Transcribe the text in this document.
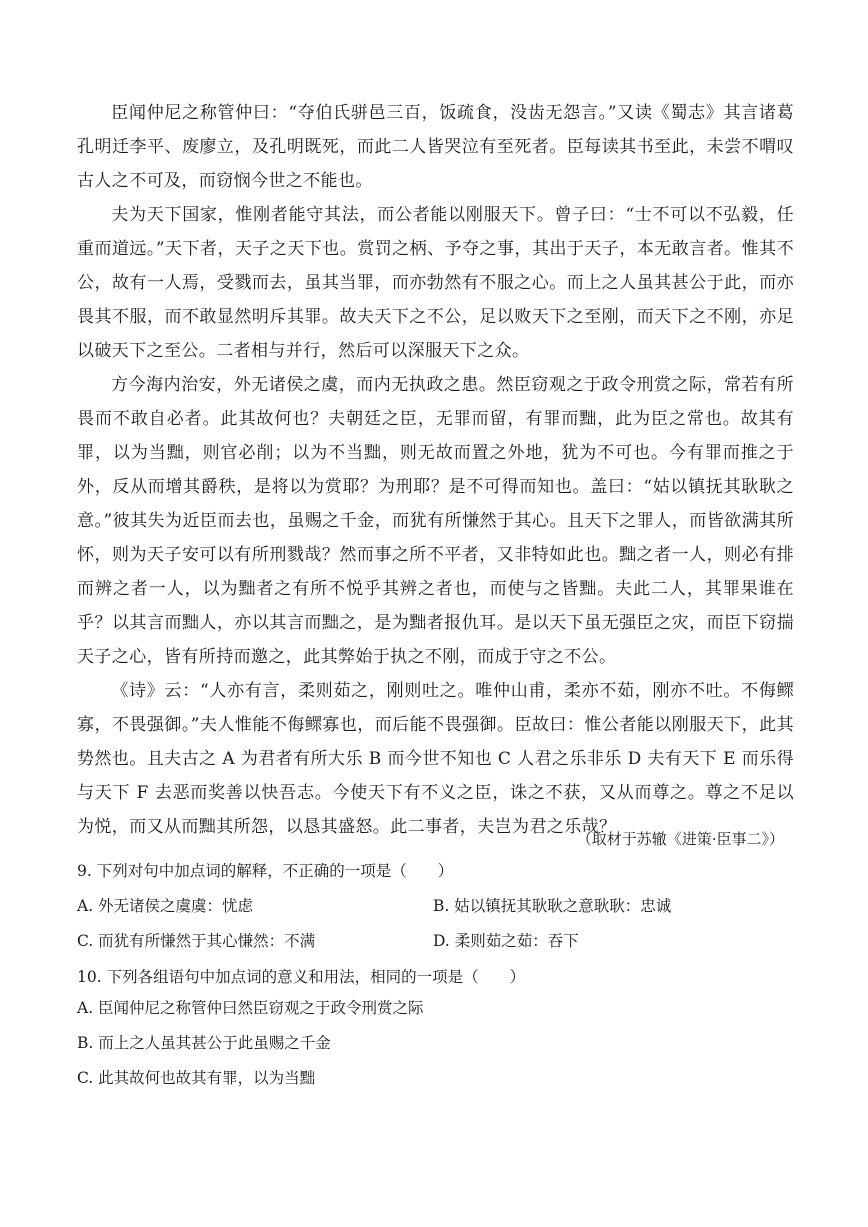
臣闻仲尼之称管仲曰：“夺伯氏骈邑三百，饭疏食，没齿无怨言。”又读《蜀志》其言诸葛孔明迁李平、废廖立，及孔明既死，而此二人皆哭泣有至死者。臣每读其书至此，未尝不喟叹古人之不可及，而窃悯今世之不能也。

夫为天下国家，惟刚者能守其法，而公者能以刚服天下。曾子曰：“士不可以不弘毅，任重而道远。”天下者，天子之天下也。赏罚之柄、予夺之事，其出于天子，本无敢言者。惟其不公，故有一人焉，受戮而去，虽其当罪，而亦勃然有不服之心。而上之人虽其甚公于此，而亦畏其不服，而不敢显然明斥其罪。故夫天下之不公，足以败天下之至刚，而天下之不刚，亦足以破天下之至公。二者相与并行，然后可以深服天下之众。

方今海内治安，外无诸侯之虞，而内无执政之患。然臣窃观之于政令刑赏之际，常若有所畏而不敢自必者。此其故何也？夫朝廷之臣，无罪而留，有罪而黜，此为臣之常也。故其有罪，以为当黜，则官必削；以为不当黜，则无故而置之外地，犹为不可也。今有罪而推之于外，反从而增其爵秩，是将以为赏耶？为刑耶？是不可得而知也。盖曰：“姑以镇抚其耿耿之意。”彼其失为近臣而去也，虽赐之千金，而犹有所慊然于其心。且天下之罪人，而皆欲满其所怀，则为天子安可以有所刑戮哉？然而事之所不平者，又非特如此也。黜之者一人，则必有排而辨之者一人，以为黜者之有所不悦乎其辨之者也，而使与之皆黜。夫此二人，其罪果谁在乎？以其言而黜人，亦以其言而黜之，是为黜者报仇耳。是以天下虽无强臣之灾，而臣下窃揣天子之心，皆有所持而邀之，此其弊始于执之不刚，而成于守之不公。

《诗》云：“人亦有言，柔则茹之，刚则吐之。唯仲山甫，柔亦不茹，刚亦不吐。不侮鳏寡，不畏强御。”夫人惟能不侮鳏寡也，而后能不畏强御。臣故曰：惟公者能以刚服天下，此其势然也。且夫古之 A 为君者有所大乐 B 而今世不知也 C 人君之乐非乐 D 夫有天下 E 而乐得与天下 F 去恶而奖善以快吾志。今使天下有不义之臣，诛之不获，又从而尊之。尊之不足以为悦，而又从而黜其所怨，以恳其盛怒。此二事者，夫岂为君之乐哉？

（取材于苏辙《进策·臣事二》）
9. 下列对句中加点词的解释，不正确的一项是（　　）
A. 外无诸侯之虞虞：忧虑	B. 姑以镇抚其耿耿之意耿耿：忠诚
C. 而犹有所慊然于其心慊然：不满	D. 柔则茹之茹：吞下
10. 下列各组语句中加点词的意义和用法，相同的一项是（　　）
A. 臣闻仲尼之称管仲曰然臣窃观之于政令刑赏之际
B. 而上之人虽其甚公于此虽赐之千金
C. 此其故何也故其有罪，以为当黜
